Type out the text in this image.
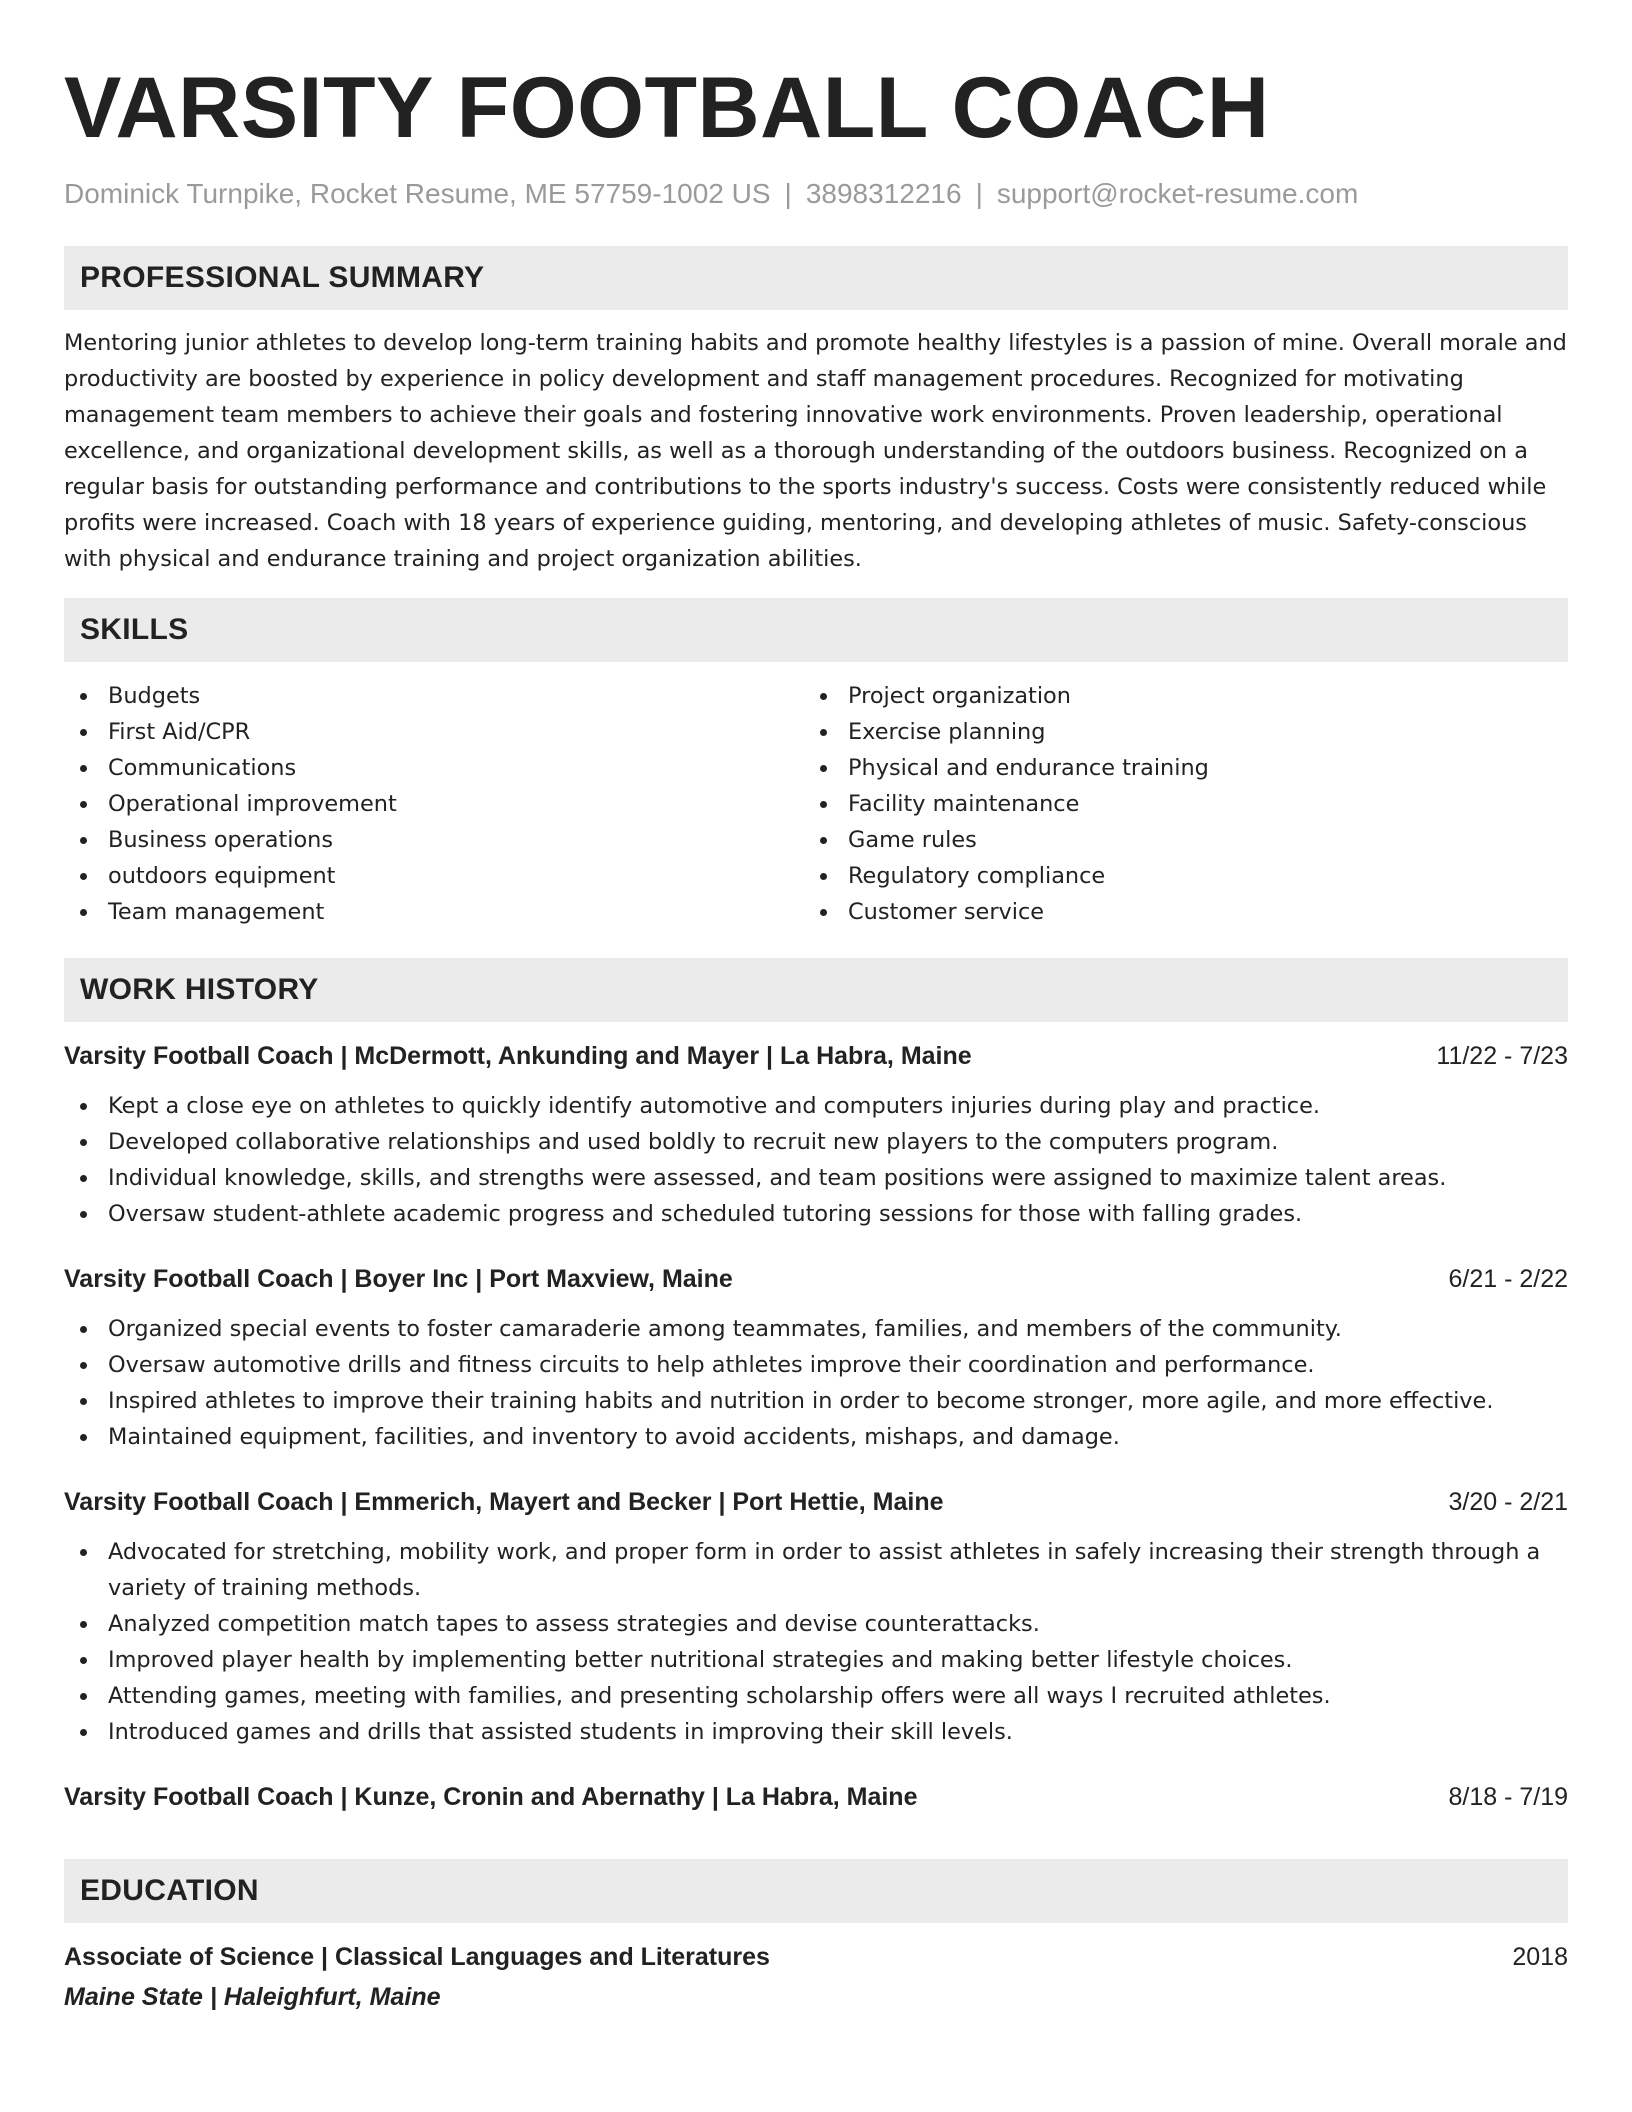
VARSITY FOOTBALL COACH
Dominick Turnpike, Rocket Resume, ME 57759-1002 US | 3898312216 | support@rocket-resume.com
PROFESSIONAL SUMMARY

Mentoring junior athletes to develop long-term training habits and promote healthy lifestyles is a passion of mine. Overall morale and productivity are boosted by experience in policy development and staff management procedures. Recognized for motivating management team members to achieve their goals and fostering innovative work environments. Proven leadership, operational excellence, and organizational development skills, as well as a thorough understanding of the outdoors business. Recognized on a regular basis for outstanding performance and contributions to the sports industry's success. Costs were consistently reduced while profits were increased. Coach with 18 years of experience guiding, mentoring, and developing athletes of music. Safety-conscious with physical and endurance training and project organization abilities.

SKILLS
Budgets
First Aid/CPR
Communications
Operational improvement
Business operations
outdoors equipment
Team management
Project organization
Exercise planning
Physical and endurance training
Facility maintenance
Game rules
Regulatory compliance
Customer service
WORK HISTORY
Varsity Football Coach | McDermott, Ankunding and Mayer | La Habra, Maine	11/22 - 7/23
Kept a close eye on athletes to quickly identify automotive and computers injuries during play and practice.
Developed collaborative relationships and used boldly to recruit new players to the computers program.
Individual knowledge, skills, and strengths were assessed, and team positions were assigned to maximize talent areas.
Oversaw student-athlete academic progress and scheduled tutoring sessions for those with falling grades.
Varsity Football Coach | Boyer Inc | Port Maxview, Maine	6/21 - 2/22
Organized special events to foster camaraderie among teammates, families, and members of the community.
Oversaw automotive drills and fitness circuits to help athletes improve their coordination and performance.
Inspired athletes to improve their training habits and nutrition in order to become stronger, more agile, and more effective.
Maintained equipment, facilities, and inventory to avoid accidents, mishaps, and damage.
Varsity Football Coach | Emmerich, Mayert and Becker | Port Hettie, Maine	3/20 - 2/21
Advocated for stretching, mobility work, and proper form in order to assist athletes in safely increasing their strength through a variety of training methods.
Analyzed competition match tapes to assess strategies and devise counterattacks.
Improved player health by implementing better nutritional strategies and making better lifestyle choices.
Attending games, meeting with families, and presenting scholarship offers were all ways I recruited athletes.
Introduced games and drills that assisted students in improving their skill levels.
Varsity Football Coach | Kunze, Cronin and Abernathy | La Habra, Maine	8/18 - 7/19
EDUCATION
Associate of Science | Classical Languages and Literatures	2018
Maine State | Haleighfurt, Maine
